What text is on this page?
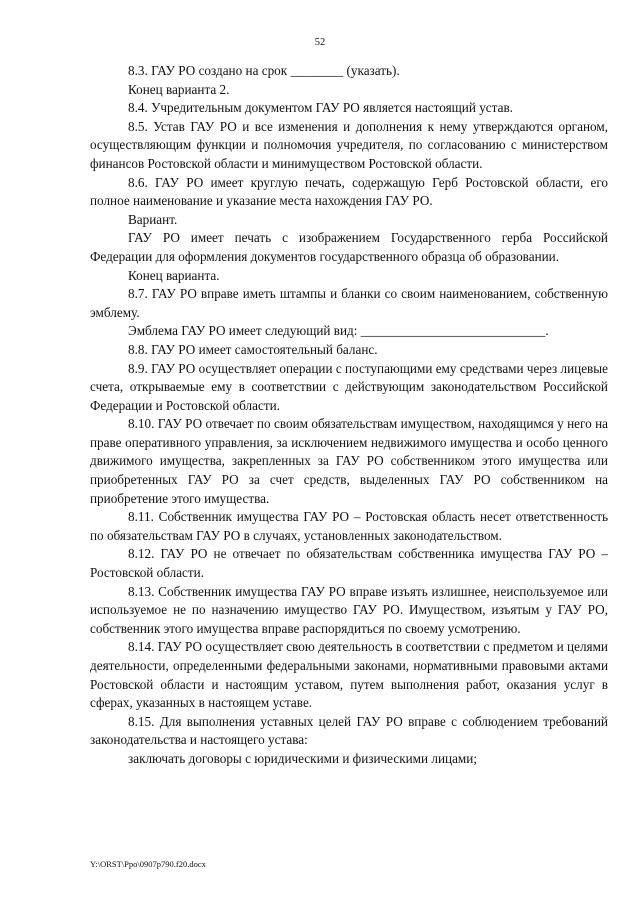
52

8.3. ГАУ РО создано на срок ________ (указать).

Конец варианта 2.

8.4. Учредительным документом ГАУ РО является настоящий устав.

8.5. Устав ГАУ РО и все изменения и дополнения к нему утверждаются органом, осуществляющим функции и полномочия учредителя, по согласованию с министерством финансов Ростовской области и минимуществом Ростовской области.

8.6. ГАУ РО имеет круглую печать, содержащую Герб Ростовской области, его полное наименование и указание места нахождения ГАУ РО.

Вариант.

ГАУ РО имеет печать с изображением Государственного герба Российской Федерации для оформления документов государственного образца об образовании.

Конец варианта.

8.7. ГАУ РО вправе иметь штампы и бланки со своим наименованием, собственную эмблему.

Эмблема ГАУ РО имеет следующий вид: ____________________________.

8.8. ГАУ РО имеет самостоятельный баланс.

8.9. ГАУ РО осуществляет операции с поступающими ему средствами через лицевые счета, открываемые ему в соответствии с действующим законодательством Российской Федерации и Ростовской области.

8.10. ГАУ РО отвечает по своим обязательствам имуществом, находящимся у него на праве оперативного управления, за исключением недвижимого имущества и особо ценного движимого имущества, закрепленных за ГАУ РО собственником этого имущества или приобретенных ГАУ РО за счет средств, выделенных ГАУ РО собственником на приобретение этого имущества.

8.11. Собственник имущества ГАУ РО – Ростовская область несет ответственность по обязательствам ГАУ РО в случаях, установленных законодательством.

8.12. ГАУ РО не отвечает по обязательствам собственника имущества ГАУ РО – Ростовской области.

8.13. Собственник имущества ГАУ РО вправе изъять излишнее, неиспользуемое или используемое не по назначению имущество ГАУ РО. Имуществом, изъятым у ГАУ РО, собственник этого имущества вправе распорядиться по своему усмотрению.

8.14. ГАУ РО осуществляет свою деятельность в соответствии с предметом и целями деятельности, определенными федеральными законами, нормативными правовыми актами Ростовской области и настоящим уставом, путем выполнения работ, оказания услуг в сферах, указанных в настоящем уставе.

8.15. Для выполнения уставных целей ГАУ РО вправе с соблюдением требований законодательства и настоящего устава:

заключать договоры с юридическими и физическими лицами;

Y:\ORST\Ppo\0907p790.f20.docx
